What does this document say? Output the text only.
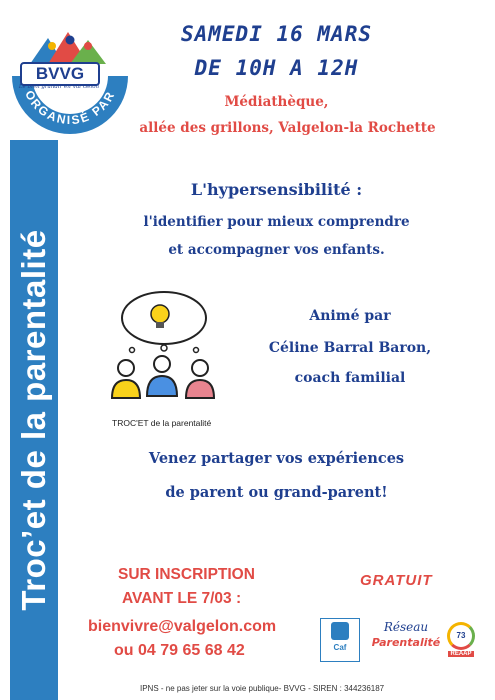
ORGANISÉ PAR
BVVG
Le bien grandir en Val Gelon
Troc’et de la parentalité
SAMEDI 16 MARS
DE 10H A 12H
Médiathèque,
allée des grillons, Valgelon-la Rochette
L'hypersensibilité :
l'identifier pour mieux comprendre
et accompagner vos enfants.
TROC'ET de la parentalité
Animé par
Céline Barral Baron,
coach familial
Venez partager vos expériences
de parent ou grand-parent!
SUR INSCRIPTION
AVANT LE 7/03 :
bienvivre@valgelon.com
ou 04 79 65 68 42
GRATUIT
Caf
Réseau
Parentalité
73
REAAP
IPNS - ne pas jeter sur la voie publique- BVVG - SIREN : 344236187
